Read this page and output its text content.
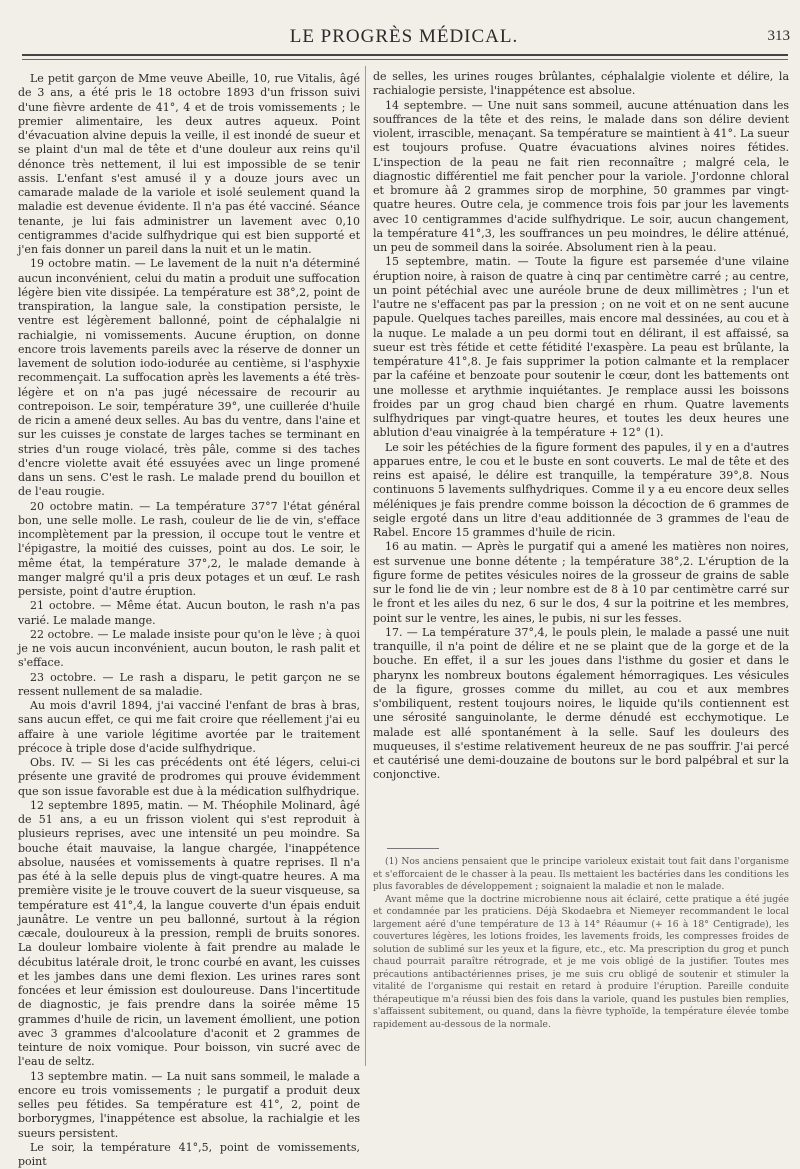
LE PROGRÈS MÉDICAL.	313

Le petit garçon de Mme veuve Abeille, 10, rue Vitalis, âgé de 3 ans, a été pris le 18 octobre 1893 d'un frisson suivi d'une fièvre ardente de 41°, 4 et de trois vomissements ; le premier alimentaire, les deux autres aqueux. Point d'évacuation alvine depuis la veille, il est inondé de sueur et se plaint d'un mal de tête et d'une douleur aux reins qu'il dénonce très nettement, il lui est impossible de se tenir assis. L'enfant s'est amusé il y a douze jours avec un camarade malade de la variole et isolé seulement quand la maladie est devenue évidente. Il n'a pas été vacciné. Séance tenante, je lui fais administrer un lavement avec 0,10 centigrammes d'acide sulfhydrique qui est bien supporté et j'en fais donner un pareil dans la nuit et un le matin.

19 octobre matin. — Le lavement de la nuit n'a déterminé aucun inconvénient, celui du matin a produit une suffocation légère bien vite dissipée. La température est 38°,2, point de transpiration, la langue sale, la constipation persiste, le ventre est légèrement ballonné, point de céphalalgie ni rachialgie, ni vomissements. Aucune éruption, on donne encore trois lavements pareils avec la réserve de donner un lavement de solution iodo-iodurée au centième, si l'asphyxie recommençait. La suffocation après les lavements a été très-légère et on n'a pas jugé nécessaire de recourir au contrepoison. Le soir, température 39°, une cuillerée d'huile de ricin a amené deux selles. Au bas du ventre, dans l'aine et sur les cuisses je constate de larges taches se terminant en stries d'un rouge violacé, très pâle, comme si des taches d'encre violette avait été essuyées avec un linge promené dans un sens. C'est le rash. Le malade prend du bouillon et de l'eau rougie.

20 octobre matin. — La température 37°7 l'état général bon, une selle molle. Le rash, couleur de lie de vin, s'efface incomplètement par la pression, il occupe tout le ventre et l'épigastre, la moitié des cuisses, point au dos. Le soir, le même état, la température 37°,2, le malade demande à manger malgré qu'il a pris deux potages et un œuf. Le rash persiste, point d'autre éruption.

21 octobre. — Même état. Aucun bouton, le rash n'a pas varié. Le malade mange.

22 octobre. — Le malade insiste pour qu'on le lève ; à quoi je ne vois aucun inconvénient, aucun bouton, le rash palit et s'efface.

23 octobre. — Le rash a disparu, le petit garçon ne se ressent nullement de sa maladie.

Au mois d'avril 1894, j'ai vacciné l'enfant de bras à bras, sans aucun effet, ce qui me fait croire que réellement j'ai eu affaire à une variole légitime avortée par le traitement précoce à triple dose d'acide sulfhydrique.

Obs. IV. — Si les cas précédents ont été légers, celui-ci présente une gravité de prodromes qui prouve évidemment que son issue favorable est due à la médication sulfhydrique.

12 septembre 1895, matin. — M. Théophile Molinard, âgé de 51 ans, a eu un frisson violent qui s'est reproduit à plusieurs reprises, avec une intensité un peu moindre. Sa bouche était mauvaise, la langue chargée, l'inappétence absolue, nausées et vomissements à quatre reprises. Il n'a pas été à la selle depuis plus de vingt-quatre heures. A ma première visite je le trouve couvert de la sueur visqueuse, sa température est 41°,4, la langue couverte d'un épais enduit jaunâtre. Le ventre un peu ballonné, surtout à la région cæcale, douloureux à la pression, rempli de bruits sonores. La douleur lombaire violente à fait prendre au malade le décubitus latérale droit, le tronc courbé en avant, les cuisses et les jambes dans une demi flexion. Les urines rares sont foncées et leur émission est douloureuse. Dans l'incertitude de diagnostic, je fais prendre dans la soirée même 15 grammes d'huile de ricin, un lavement émollient, une potion avec 3 grammes d'alcoolature d'aconit et 2 grammes de teinture de noix vomique. Pour boisson, vin sucré avec de l'eau de seltz.

13 septembre matin. — La nuit sans sommeil, le malade a encore eu trois vomissements ; le purgatif a produit deux selles peu fétides. Sa température est 41°, 2, point de borborygmes, l'inappétence est absolue, la rachialgie et les sueurs persistent.

Le soir, la température 41°,5, point de vomissements, point

de selles, les urines rouges brûlantes, céphalalgie violente et délire, la rachialogie persiste, l'inappétence est absolue.

14 septembre. — Une nuit sans sommeil, aucune atténuation dans les souffrances de la tête et des reins, le malade dans son délire devient violent, irrascible, menaçant. Sa température se maintient à 41°. La sueur est toujours profuse. Quatre évacuations alvines noires fétides. L'inspection de la peau ne fait rien reconnaître ; malgré cela, le diagnostic différentiel me fait pencher pour la variole. J'ordonne chloral et bromure àâ 2 grammes sirop de morphine, 50 grammes par vingt-quatre heures. Outre cela, je commence trois fois par jour les lavements avec 10 centigrammes d'acide sulfhydrique. Le soir, aucun changement, la température 41°,3, les souffrances un peu moindres, le délire atténué, un peu de sommeil dans la soirée. Absolument rien à la peau.

15 septembre, matin. — Toute la figure est parsemée d'une vilaine éruption noire, à raison de quatre à cinq par centimètre carré ; au centre, un point pétéchial avec une auréole brune de deux millimètres ; l'un et l'autre ne s'effacent pas par la pression ; on ne voit et on ne sent aucune papule. Quelques taches pareilles, mais encore mal dessinées, au cou et à la nuque. Le malade a un peu dormi tout en délirant, il est affaissé, sa sueur est très fétide et cette fétidité l'exaspère. La peau est brûlante, la température 41°,8. Je fais supprimer la potion calmante et la remplacer par la caféine et benzoate pour soutenir le cœur, dont les battements ont une mollesse et arythmie inquiétantes. Je remplace aussi les boissons froides par un grog chaud bien chargé en rhum. Quatre lavements sulfhydriques par vingt-quatre heures, et toutes les deux heures une ablution d'eau vinaigrée à la température + 12° (1).

Le soir les pétéchies de la figure forment des papules, il y en a d'autres apparues entre, le cou et le buste en sont couverts. Le mal de tête et des reins est apaisé, le délire est tranquille, la température 39°,8. Nous continuons 5 lavements sulfhydriques. Comme il y a eu encore deux selles méléniques je fais prendre comme boisson la décoction de 6 grammes de seigle ergoté dans un litre d'eau additionnée de 3 grammes de l'eau de Rabel. Encore 15 grammes d'huile de ricin.

16 au matin. — Après le purgatif qui a amené les matières non noires, est survenue une bonne détente ; la température 38°,2. L'éruption de la figure forme de petites vésicules noires de la grosseur de grains de sable sur le fond lie de vin ; leur nombre est de 8 à 10 par centimètre carré sur le front et les ailes du nez, 6 sur le dos, 4 sur la poitrine et les membres, point sur le ventre, les aines, le pubis, ni sur les fesses.

17. — La température 37°,4, le pouls plein, le malade a passé une nuit tranquille, il n'a point de délire et ne se plaint que de la gorge et de la bouche. En effet, il a sur les joues dans l'isthme du gosier et dans le pharynx les nombreux boutons également hémorragiques. Les vésicules de la figure, grosses comme du millet, au cou et aux membres s'ombiliquent, restent toujours noires, le liquide qu'ils contiennent est une sérosité sanguinolante, le derme dénudé est ecchymotique. Le malade est allé spontanément à la selle. Sauf les douleurs des muqueuses, il s'estime relativement heureux de ne pas souffrir. J'ai percé et cautérisé une demi-douzaine de boutons sur le bord palpébral et sur la conjonctive.

(1) Nos anciens pensaient que le principe varioleux existait tout fait dans l'organisme et s'efforcaient de le chasser à la peau. Ils mettaient les bactéries dans les conditions les plus favorables de développement ; soignaient la maladie et non le malade.

Avant même que la doctrine microbienne nous ait éclairé, cette pratique a été jugée et condamnée par les praticiens. Déjà Skodaebra et Niemeyer recommandent le local largement aéré d'une température de 13 à 14° Réaumur (+ 16 à 18° Centigrade), les couvertures légères, les lotions froides, les lavements froids, les compresses froides de solution de sublimé sur les yeux et la figure, etc., etc. Ma prescription du grog et punch chaud pourrait paraître rétrograde, et je me vois obligé de la justifier. Toutes mes précautions antibactériennes prises, je me suis cru obligé de soutenir et stimuler la vitalité de l'organisme qui restait en retard à produire l'éruption. Pareille conduite thérapeutique m'a réussi bien des fois dans la variole, quand les pustules bien remplies, s'affaissent subitement, ou quand, dans la fièvre typhoïde, la température élevée tombe rapidement au-dessous de la normale.
